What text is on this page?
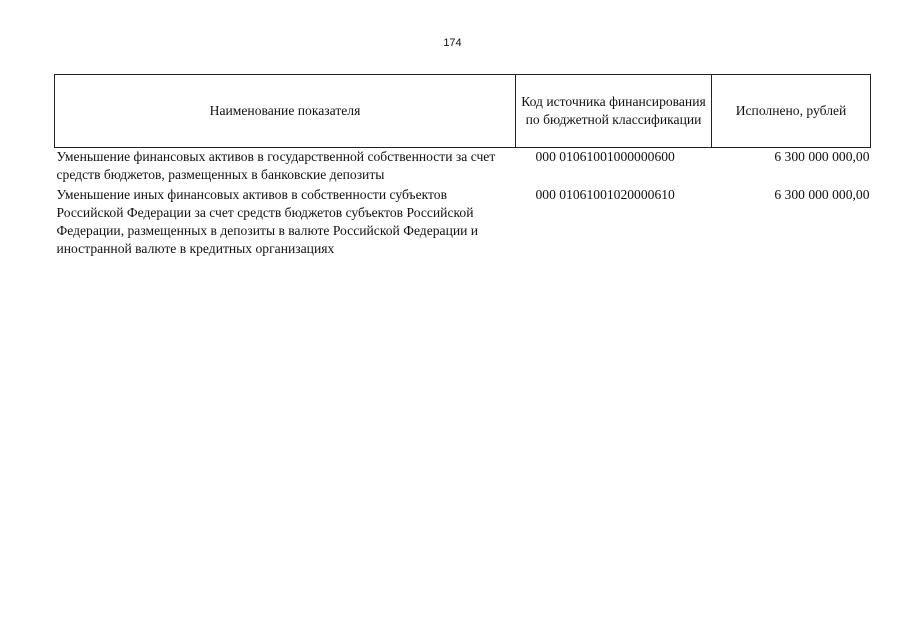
174
Наименование показателя	Код источника финансирования по бюджетной классификации	Исполнено, рублей
Уменьшение финансовых активов в государственной собственности за счет средств бюджетов, размещенных в банковские депозиты	000 01061001000000600	6 300 000 000,00
Уменьшение иных финансовых активов в собственности субъектов Российской Федерации за счет средств бюджетов субъектов Российской Федерации, размещенных в депозиты в валюте Российской Федерации и иностранной валюте в кредитных организациях	000 01061001020000610	6 300 000 000,00
